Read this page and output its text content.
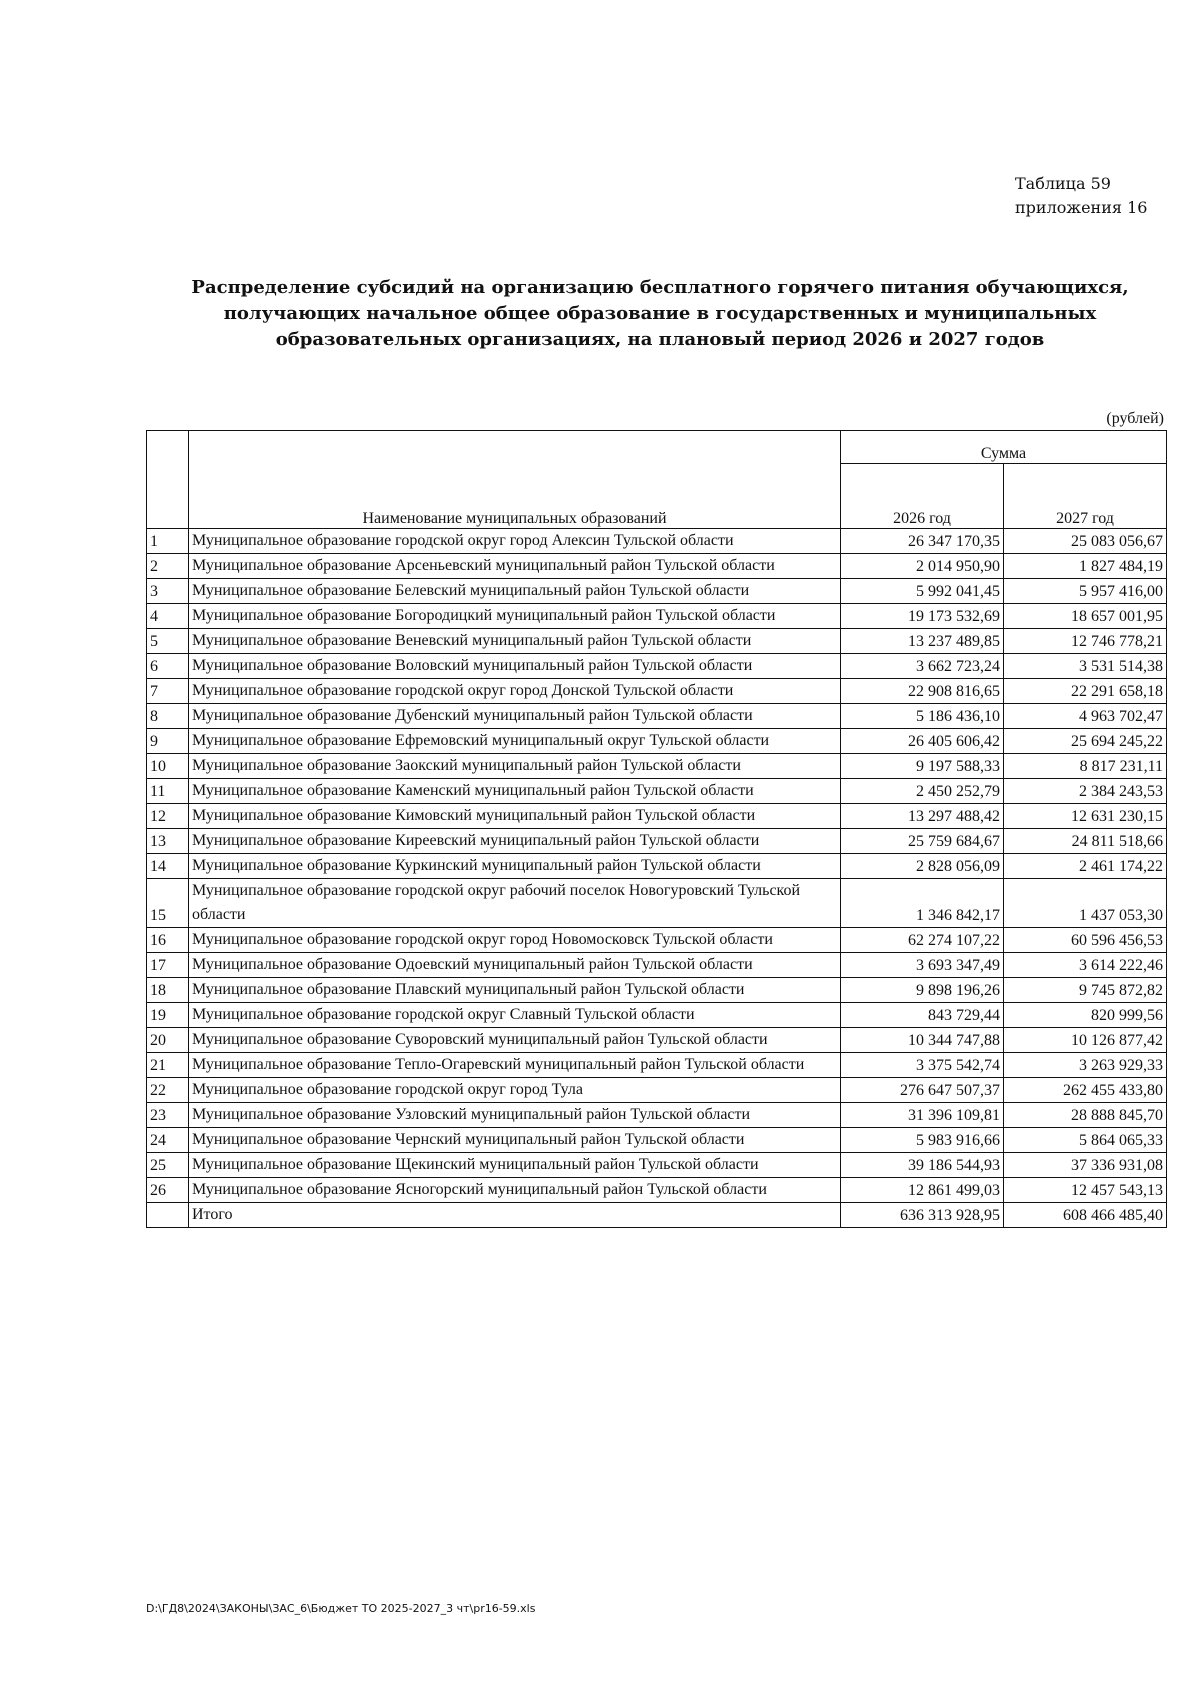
Таблица 59
приложения 16
Распределение субсидий на организацию бесплатного горячего питания обучающихся, получающих начальное общее образование в государственных и муниципальных образовательных организациях, на плановый период 2026 и 2027 годов
(рублей)
	Наименование муниципальных образований	Сумма	
		2026 год	2027 год
1	Муниципальное образование городской округ город Алексин Тульской области	26 347 170,35	25 083 056,67
2	Муниципальное образование Арсеньевский муниципальный район Тульской области	2 014 950,90	1 827 484,19
3	Муниципальное образование Белевский муниципальный район Тульской области	5 992 041,45	5 957 416,00
4	Муниципальное образование Богородицкий муниципальный район Тульской области	19 173 532,69	18 657 001,95
5	Муниципальное образование Веневский муниципальный район Тульской области	13 237 489,85	12 746 778,21
6	Муниципальное образование Воловский муниципальный район Тульской области	3 662 723,24	3 531 514,38
7	Муниципальное образование городской округ город Донской Тульской области	22 908 816,65	22 291 658,18
8	Муниципальное образование Дубенский муниципальный район Тульской области	5 186 436,10	4 963 702,47
9	Муниципальное образование Ефремовский муниципальный округ Тульской области	26 405 606,42	25 694 245,22
10	Муниципальное образование Заокский муниципальный район Тульской области	9 197 588,33	8 817 231,11
11	Муниципальное образование Каменский муниципальный район Тульской области	2 450 252,79	2 384 243,53
12	Муниципальное образование Кимовский муниципальный район Тульской области	13 297 488,42	12 631 230,15
13	Муниципальное образование Киреевский муниципальный район Тульской области	25 759 684,67	24 811 518,66
14	Муниципальное образование Куркинский муниципальный район Тульской области	2 828 056,09	2 461 174,22
15	Муниципальное образование городской округ рабочий поселок Новогуровский Тульской области	1 346 842,17	1 437 053,30
16	Муниципальное образование городской округ город Новомосковск Тульской области	62 274 107,22	60 596 456,53
17	Муниципальное образование Одоевский муниципальный район Тульской области	3 693 347,49	3 614 222,46
18	Муниципальное образование Плавский муниципальный район Тульской области	9 898 196,26	9 745 872,82
19	Муниципальное образование городской округ Славный Тульской области	843 729,44	820 999,56
20	Муниципальное образование Суворовский муниципальный район Тульской области	10 344 747,88	10 126 877,42
21	Муниципальное образование Тепло-Огаревский муниципальный район Тульской области	3 375 542,74	3 263 929,33
22	Муниципальное образование городской округ город Тула	276 647 507,37	262 455 433,80
23	Муниципальное образование Узловский муниципальный район Тульской области	31 396 109,81	28 888 845,70
24	Муниципальное образование Чернский муниципальный район Тульской области	5 983 916,66	5 864 065,33
25	Муниципальное образование Щекинский муниципальный район Тульской области	39 186 544,93	37 336 931,08
26	Муниципальное образование Ясногорский муниципальный район Тульской области	12 861 499,03	12 457 543,13
	Итого	636 313 928,95	608 466 485,40
D:\ГД8\2024\ЗАКОНЫ\ЗАС_6\Бюджет ТО 2025-2027_3 чт\pr16-59.xls
